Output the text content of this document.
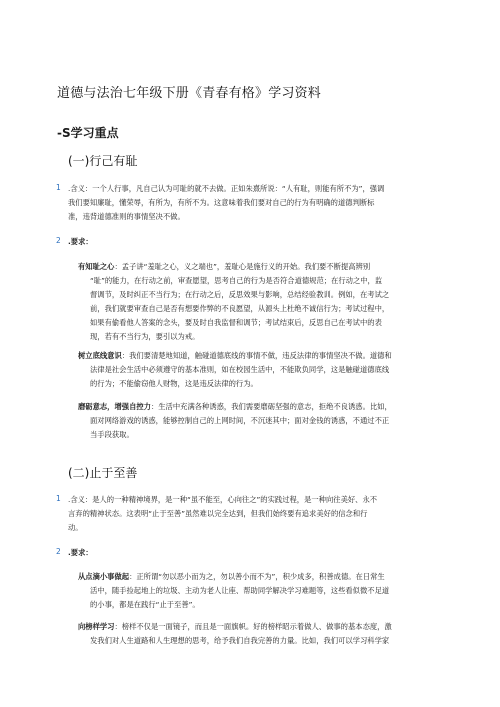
道德与法治七年级下册《青春有格》学习资料
-S学习重点
(一)行己有耻
1 .含义：一个人行事，凡自己认为可耻的就不去做。正如朱熹所说：“人有耻，则能有所不为”，强调
我们要知廉耻，懂荣辱，有所为，有所不为。这意味着我们要对自己的行为有明确的道德判断标
准，违背道德准则的事情坚决不做。
2 .要求：
有知耻之心：孟子讲“羞耻之心，义之端也”，羞耻心是施行义的开始。我们要不断提高辨别
“耻”的能力，在行动之前，审查愿望，思考自己的行为是否符合道德规范；在行动之中，监
督调节，及时纠正不当行为；在行动之后，反思效果与影响，总结经验教训。例如，在考试之
前，我们就要审查自己是否有想要作弊的不良愿望，从源头上杜绝不诚信行为；考试过程中，
如果有偷看他人答案的念头，要及时自我监督和调节；考试结束后，反思自己在考试中的表
现，若有不当行为，要引以为戒。
树立底线意识：我们要清楚地知道，触碰道德底线的事情不做，违反法律的事情坚决不做。道德和
法律是社会生活中必须遵守的基本准则，如在校园生活中，不能欺负同学，这是触碰道德底线
的行为；不能偷窃他人财物，这是违反法律的行为。
磨砺意志，增强自控力：生活中充满各种诱惑，我们需要磨砺坚强的意志，拒绝不良诱惑。比如，
面对网络游戏的诱惑，能够控制自己的上网时间，不沉迷其中；面对金钱的诱惑，不通过不正
当手段获取。
(二)止于至善
1 .含义：是人的一种精神境界，是一种“虽不能至，心向往之”的实践过程，是一种向往美好、永不
言弃的精神状态。这表明“止于至善”虽然难以完全达到，但我们始终要有追求美好的信念和行
动。
2 .要求：
从点滴小事做起：正所谓“勿以恶小而为之，勿以善小而不为”，积少成多，积善成德。在日常生
活中，随手捡起地上的垃圾、主动为老人让座、帮助同学解决学习难题等，这些看似微不足道
的小事，都是在践行“止于至善”。
向榜样学习：榜样不仅是一面镜子，而且是一面旗帜。好的榜样昭示着做人、做事的基本态度，激
发我们对人生道路和人生理想的思考，给予我们自我完善的力量。比如，我们可以学习科学家
